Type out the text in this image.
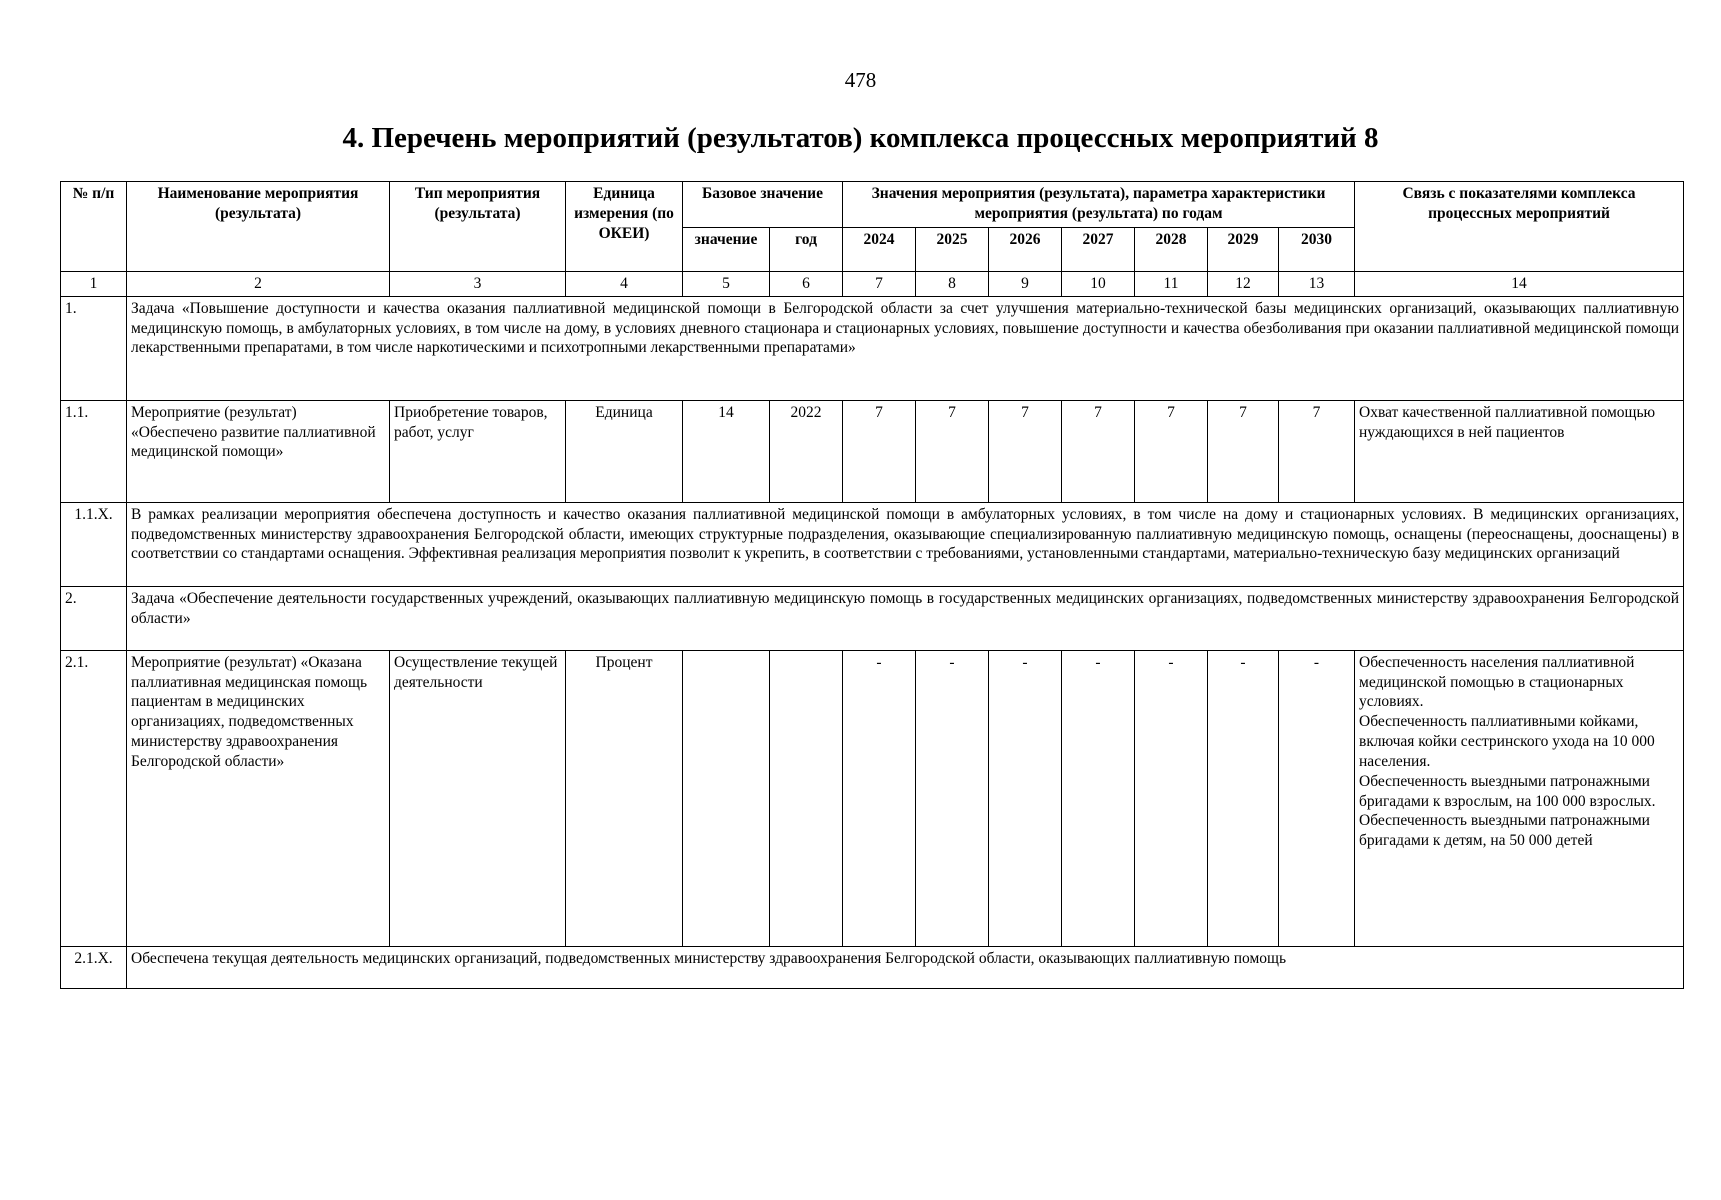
478
4. Перечень мероприятий (результатов) комплекса процессных мероприятий 8
№ п/п	Наименование мероприятия (результата)	Тип мероприятия (результата)	Единица измерения (по ОКЕИ)	Базовое значение		Значения мероприятия (результата), параметра характеристики мероприятия (результата) по годам							Связь с показателями комплекса процессных мероприятий
				значение	год	2024	2025	2026	2027	2028	2029	2030	
1	2	3	4	5	6	7	8	9	10	11	12	13	14
1.	Задача «Повышение доступности и качества оказания паллиативной медицинской помощи в Белгородской области за счет улучшения материально-технической базы медицинских организаций, оказывающих паллиативную медицинскую помощь, в амбулаторных условиях, в том числе на дому, в условиях дневного стационара и стационарных условиях, повышение доступности и качества обезболивания при оказании паллиативной медицинской помощи лекарственными препаратами, в том числе наркотическими и психотропными лекарственными препаратами»												
1.1.	Мероприятие (результат) «Обеспечено развитие паллиативной медицинской помощи»	Приобретение товаров, работ, услуг	Единица	14	2022	7	7	7	7	7	7	7	Охват качественной паллиативной помощью нуждающихся в ней пациентов
1.1.Х.	В рамках реализации мероприятия обеспечена доступность и качество оказания паллиативной медицинской помощи в амбулаторных условиях, в том числе на дому и стационарных условиях. В медицинских организациях, подведомственных министерству здравоохранения Белгородской области, имеющих структурные подразделения, оказывающие специализированную паллиативную медицинскую помощь, оснащены (переоснащены, дооснащены) в соответствии со стандартами оснащения. Эффективная реализация мероприятия позволит к укрепить, в соответствии с требованиями, установленными стандартами, материально-техническую базу медицинских организаций												
2.	Задача «Обеспечение деятельности государственных учреждений, оказывающих паллиативную медицинскую помощь в государственных медицинских организациях, подведомственных министерству здравоохранения Белгородской области»												
2.1.	Мероприятие (результат) «Оказана паллиативная медицинская помощь пациентам в медицинских организациях, подведомственных министерству здравоохранения Белгородской области»	Осуществление текущей деятельности	Процент			-	-	-	-	-	-	-	Обеспеченность населения паллиативной медицинской помощью в стационарных условиях.
Обеспеченность паллиативными койками, включая койки сестринского ухода на 10 000 населения.
Обеспеченность выездными патронажными бригадами к взрослым, на 100 000 взрослых.
Обеспеченность выездными патронажными бригадами к детям, на 50 000 детей
2.1.Х.	Обеспечена текущая деятельность медицинских организаций, подведомственных министерству здравоохранения Белгородской области, оказывающих паллиативную помощь												
